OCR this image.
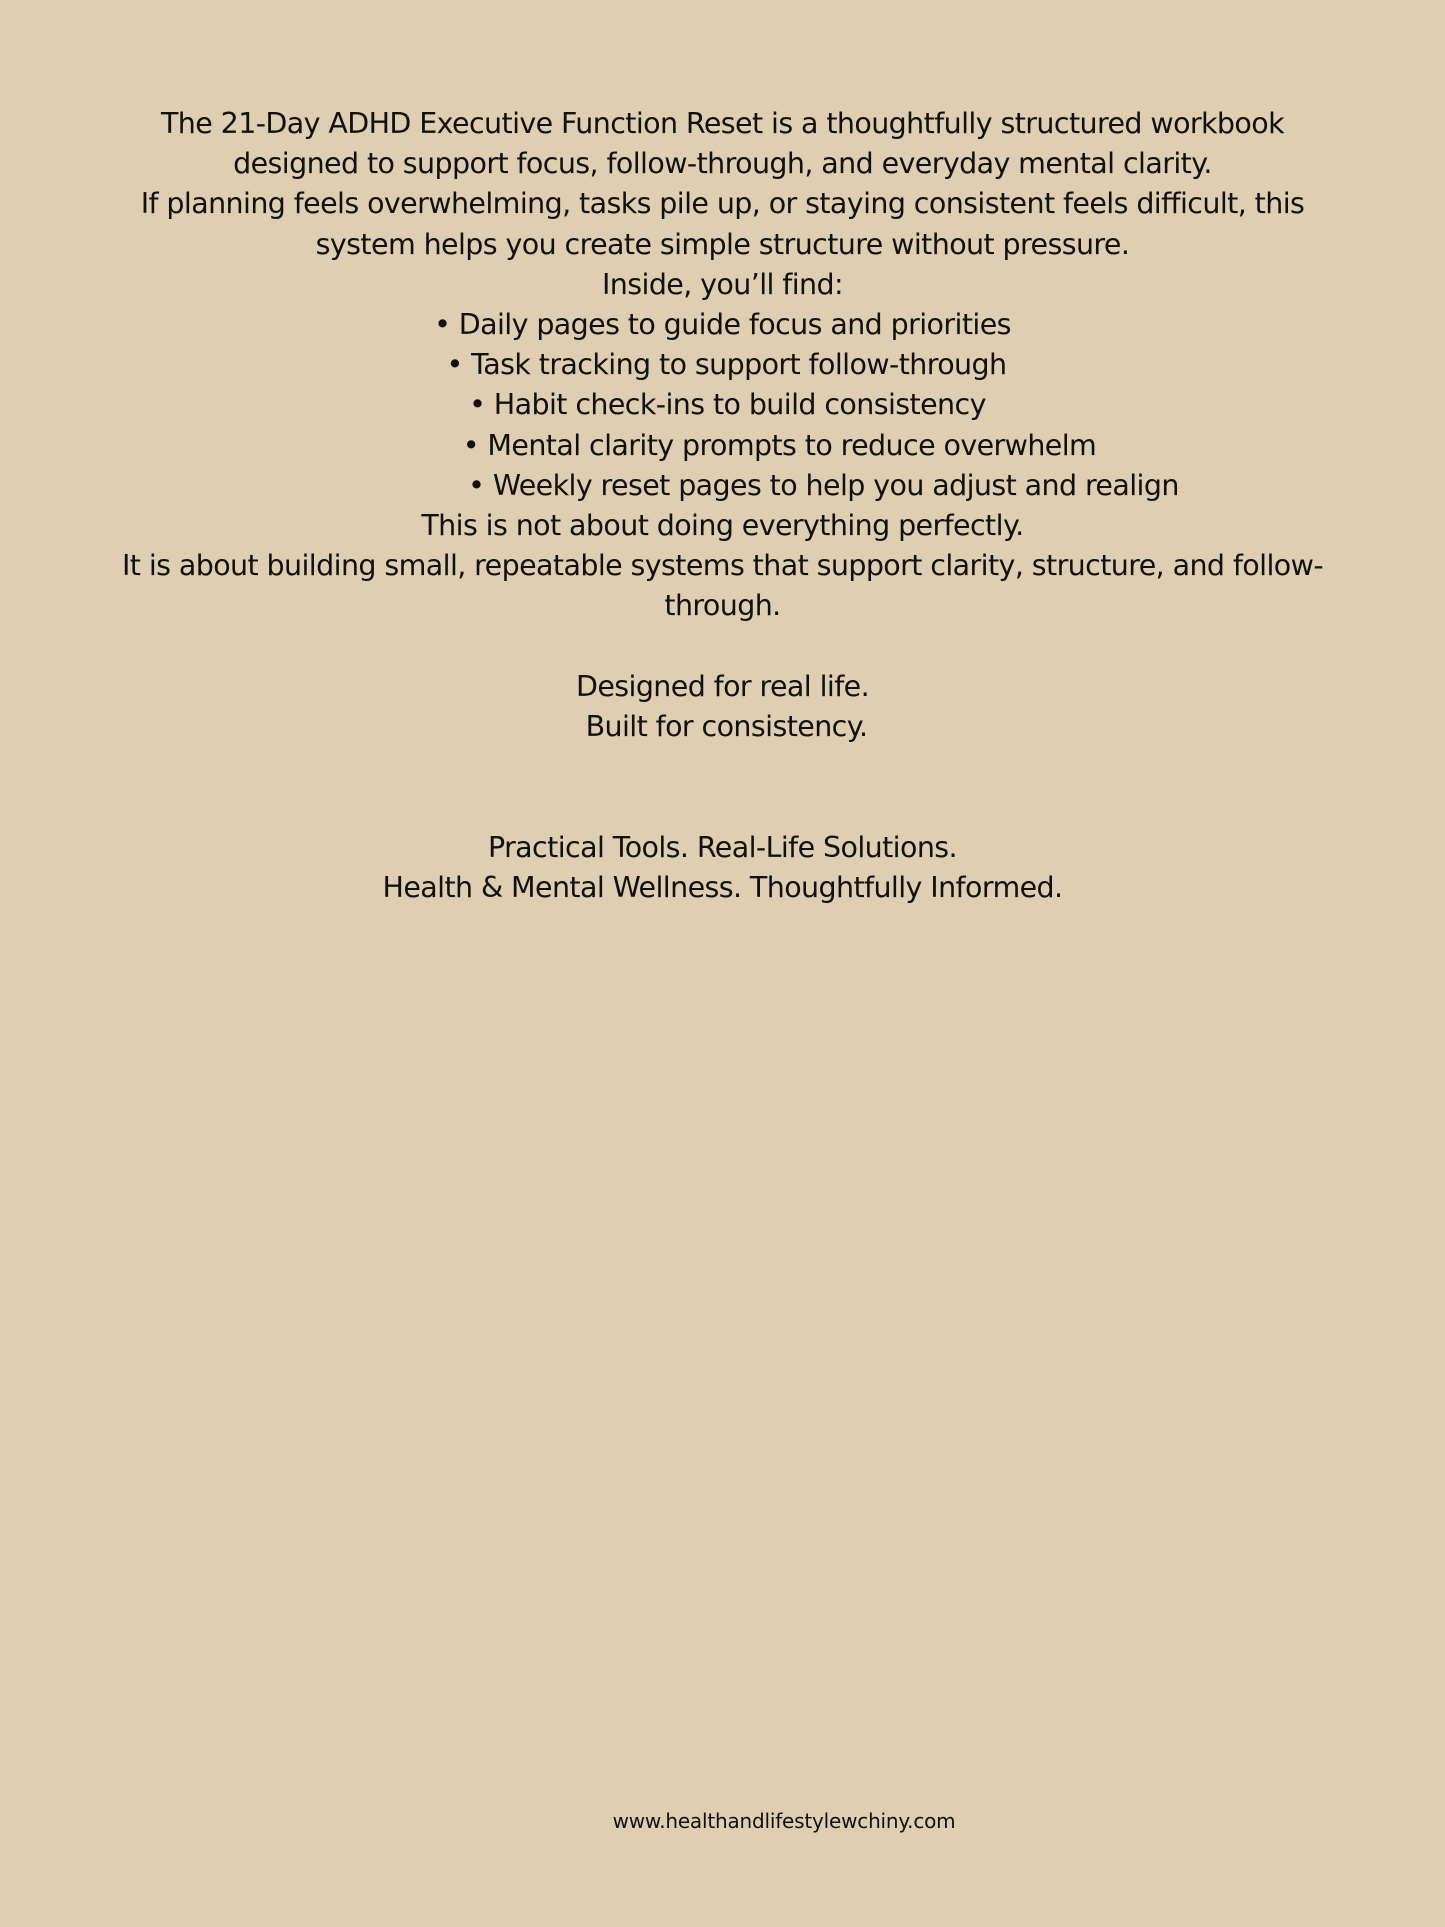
The 21-Day ADHD Executive Function Reset is a thoughtfully structured workbook
designed to support focus, follow-through, and everyday mental clarity.
If planning feels overwhelming, tasks pile up, or staying consistent feels difficult, this
system helps you create simple structure without pressure.
Inside, you’ll find:
• Daily pages to guide focus and priorities
• Task tracking to support follow-through
• Habit check-ins to build consistency
• Mental clarity prompts to reduce overwhelm
• Weekly reset pages to help you adjust and realign
This is not about doing everything perfectly.
It is about building small, repeatable systems that support clarity, structure, and follow-
through.
Designed for real life.
Built for consistency.
Practical Tools. Real-Life Solutions.
Health & Mental Wellness. Thoughtfully Informed.
www.healthandlifestylewchiny.com
